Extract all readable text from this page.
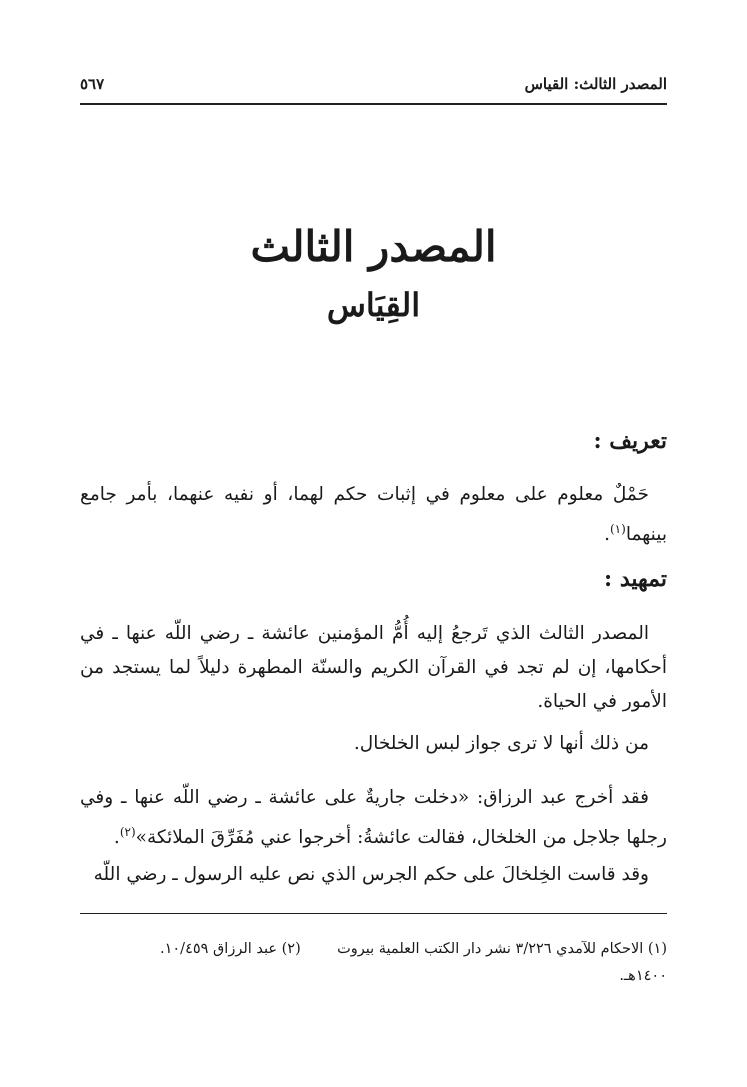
المصدر الثالث: القياس
٥٦٧
المصدر الثالث
القِيَاس
تعريف :
حَمْلٌ معلوم على معلوم في إثبات حكم لهما، أو نفيه عنهما، بأمر جامع بينهما$^{(١)}$.
تمهيد :
المصدر الثالث الذي تَرجعُ إليه أُمُّ المؤمنين عائشة ـ رضي اللّه عنها ـ في أحكامها، إن لم تجد في القرآن الكريم والسنّة المطهرة دليلاً لما يستجد من الأمور في الحياة.
من ذلك أنها لا ترى جواز لبس الخلخال.
فقد أخرج عبد الرزاق: «دخلت جاريةٌ على عائشة ـ رضي اللّه عنها ـ وفي رجلها جلاجل من الخلخال، فقالت عائشةُ: أخرجوا عني مُفَرِّقَ الملائكة»$^{(٢)}$.
وقد قاست الخِلخالَ على حكم الجرس الذي نص عليه الرسول ـ رضي اللّه
(١) الاحكام للآمدي ٣/٢٢٦ نشر دار الكتب العلمية بيروت ١٤٠٠هـ.
(٢) عبد الرزاق ١٠/٤٥٩.
